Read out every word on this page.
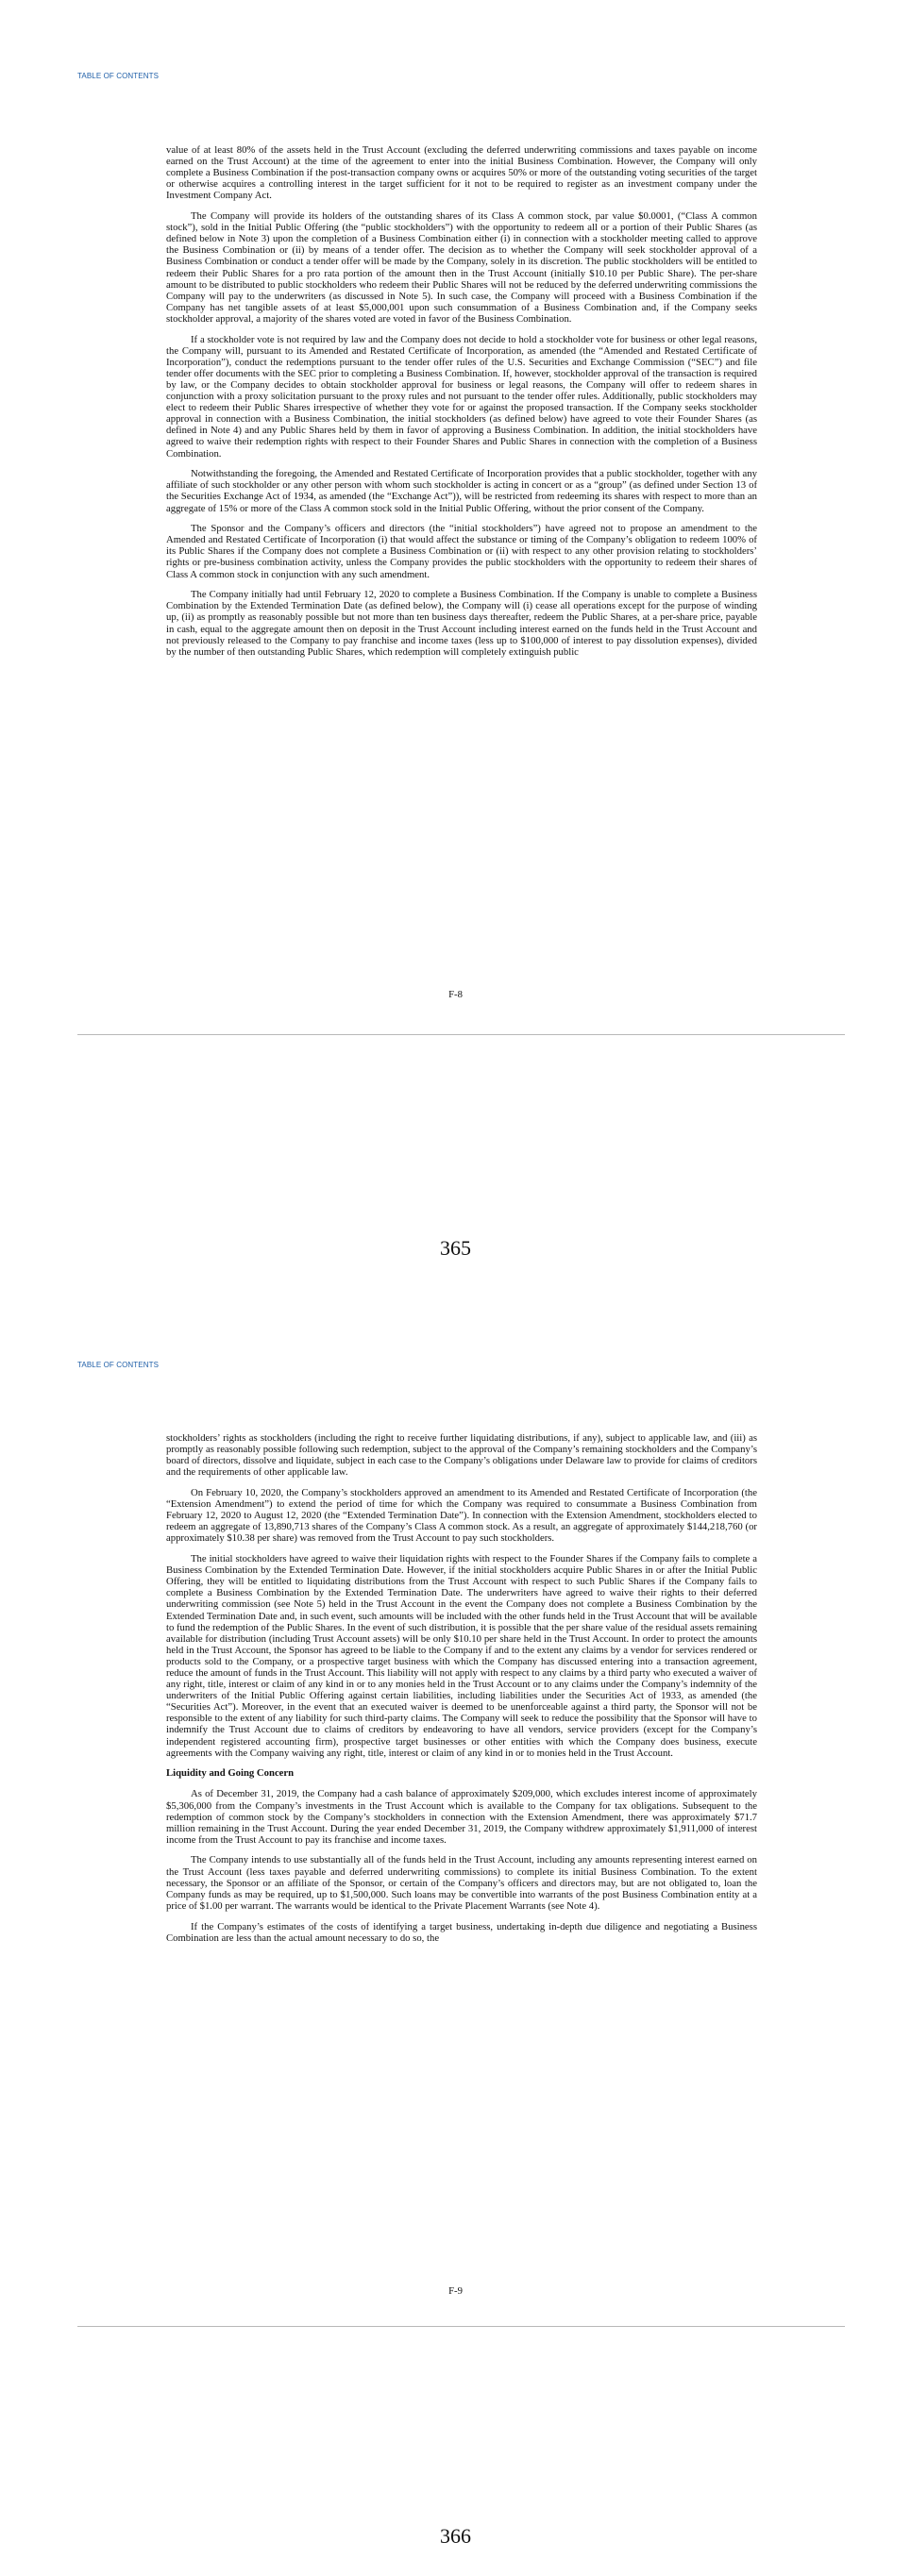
TABLE OF CONTENTS

value of at least 80% of the assets held in the Trust Account (excluding the deferred underwriting commissions and taxes payable on income earned on the Trust Account) at the time of the agreement to enter into the initial Business Combination. However, the Company will only complete a Business Combination if the post-transaction company owns or acquires 50% or more of the outstanding voting securities of the target or otherwise acquires a controlling interest in the target sufficient for it not to be required to register as an investment company under the Investment Company Act.

The Company will provide its holders of the outstanding shares of its Class A common stock, par value $0.0001, (“Class A common stock”), sold in the Initial Public Offering (the “public stockholders”) with the opportunity to redeem all or a portion of their Public Shares (as defined below in Note 3) upon the completion of a Business Combination either (i) in connection with a stockholder meeting called to approve the Business Combination or (ii) by means of a tender offer. The decision as to whether the Company will seek stockholder approval of a Business Combination or conduct a tender offer will be made by the Company, solely in its discretion. The public stockholders will be entitled to redeem their Public Shares for a pro rata portion of the amount then in the Trust Account (initially $10.10 per Public Share). The per-share amount to be distributed to public stockholders who redeem their Public Shares will not be reduced by the deferred underwriting commissions the Company will pay to the underwriters (as discussed in Note 5). In such case, the Company will proceed with a Business Combination if the Company has net tangible assets of at least $5,000,001 upon such consummation of a Business Combination and, if the Company seeks stockholder approval, a majority of the shares voted are voted in favor of the Business Combination.

If a stockholder vote is not required by law and the Company does not decide to hold a stockholder vote for business or other legal reasons, the Company will, pursuant to its Amended and Restated Certificate of Incorporation, as amended (the “Amended and Restated Certificate of Incorporation”), conduct the redemptions pursuant to the tender offer rules of the U.S. Securities and Exchange Commission (“SEC”) and file tender offer documents with the SEC prior to completing a Business Combination. If, however, stockholder approval of the transaction is required by law, or the Company decides to obtain stockholder approval for business or legal reasons, the Company will offer to redeem shares in conjunction with a proxy solicitation pursuant to the proxy rules and not pursuant to the tender offer rules. Additionally, public stockholders may elect to redeem their Public Shares irrespective of whether they vote for or against the proposed transaction. If the Company seeks stockholder approval in connection with a Business Combination, the initial stockholders (as defined below) have agreed to vote their Founder Shares (as defined in Note 4) and any Public Shares held by them in favor of approving a Business Combination. In addition, the initial stockholders have agreed to waive their redemption rights with respect to their Founder Shares and Public Shares in connection with the completion of a Business Combination.

Notwithstanding the foregoing, the Amended and Restated Certificate of Incorporation provides that a public stockholder, together with any affiliate of such stockholder or any other person with whom such stockholder is acting in concert or as a “group” (as defined under Section 13 of the Securities Exchange Act of 1934, as amended (the “Exchange Act”)), will be restricted from redeeming its shares with respect to more than an aggregate of 15% or more of the Class A common stock sold in the Initial Public Offering, without the prior consent of the Company.

The Sponsor and the Company’s officers and directors (the “initial stockholders”) have agreed not to propose an amendment to the Amended and Restated Certificate of Incorporation (i) that would affect the substance or timing of the Company’s obligation to redeem 100% of its Public Shares if the Company does not complete a Business Combination or (ii) with respect to any other provision relating to stockholders’ rights or pre-business combination activity, unless the Company provides the public stockholders with the opportunity to redeem their shares of Class A common stock in conjunction with any such amendment.

The Company initially had until February 12, 2020 to complete a Business Combination. If the Company is unable to complete a Business Combination by the Extended Termination Date (as defined below), the Company will (i) cease all operations except for the purpose of winding up, (ii) as promptly as reasonably possible but not more than ten business days thereafter, redeem the Public Shares, at a per-share price, payable in cash, equal to the aggregate amount then on deposit in the Trust Account including interest earned on the funds held in the Trust Account and not previously released to the Company to pay franchise and income taxes (less up to $100,000 of interest to pay dissolution expenses), divided by the number of then outstanding Public Shares, which redemption will completely extinguish public

F-8
365
TABLE OF CONTENTS

stockholders’ rights as stockholders (including the right to receive further liquidating distributions, if any), subject to applicable law, and (iii) as promptly as reasonably possible following such redemption, subject to the approval of the Company’s remaining stockholders and the Company’s board of directors, dissolve and liquidate, subject in each case to the Company’s obligations under Delaware law to provide for claims of creditors and the requirements of other applicable law.

On February 10, 2020, the Company’s stockholders approved an amendment to its Amended and Restated Certificate of Incorporation (the “Extension Amendment”) to extend the period of time for which the Company was required to consummate a Business Combination from February 12, 2020 to August 12, 2020 (the “Extended Termination Date”). In connection with the Extension Amendment, stockholders elected to redeem an aggregate of 13,890,713 shares of the Company’s Class A common stock. As a result, an aggregate of approximately $144,218,760 (or approximately $10.38 per share) was removed from the Trust Account to pay such stockholders.

The initial stockholders have agreed to waive their liquidation rights with respect to the Founder Shares if the Company fails to complete a Business Combination by the Extended Termination Date. However, if the initial stockholders acquire Public Shares in or after the Initial Public Offering, they will be entitled to liquidating distributions from the Trust Account with respect to such Public Shares if the Company fails to complete a Business Combination by the Extended Termination Date. The underwriters have agreed to waive their rights to their deferred underwriting commission (see Note 5) held in the Trust Account in the event the Company does not complete a Business Combination by the Extended Termination Date and, in such event, such amounts will be included with the other funds held in the Trust Account that will be available to fund the redemption of the Public Shares. In the event of such distribution, it is possible that the per share value of the residual assets remaining available for distribution (including Trust Account assets) will be only $10.10 per share held in the Trust Account. In order to protect the amounts held in the Trust Account, the Sponsor has agreed to be liable to the Company if and to the extent any claims by a vendor for services rendered or products sold to the Company, or a prospective target business with which the Company has discussed entering into a transaction agreement, reduce the amount of funds in the Trust Account. This liability will not apply with respect to any claims by a third party who executed a waiver of any right, title, interest or claim of any kind in or to any monies held in the Trust Account or to any claims under the Company’s indemnity of the underwriters of the Initial Public Offering against certain liabilities, including liabilities under the Securities Act of 1933, as amended (the “Securities Act”). Moreover, in the event that an executed waiver is deemed to be unenforceable against a third party, the Sponsor will not be responsible to the extent of any liability for such third-party claims. The Company will seek to reduce the possibility that the Sponsor will have to indemnify the Trust Account due to claims of creditors by endeavoring to have all vendors, service providers (except for the Company’s independent registered accounting firm), prospective target businesses or other entities with which the Company does business, execute agreements with the Company waiving any right, title, interest or claim of any kind in or to monies held in the Trust Account.

Liquidity and Going Concern

As of December 31, 2019, the Company had a cash balance of approximately $209,000, which excludes interest income of approximately $5,306,000 from the Company’s investments in the Trust Account which is available to the Company for tax obligations. Subsequent to the redemption of common stock by the Company’s stockholders in connection with the Extension Amendment, there was approximately $71.7 million remaining in the Trust Account. During the year ended December 31, 2019, the Company withdrew approximately $1,911,000 of interest income from the Trust Account to pay its franchise and income taxes.

The Company intends to use substantially all of the funds held in the Trust Account, including any amounts representing interest earned on the Trust Account (less taxes payable and deferred underwriting commissions) to complete its initial Business Combination. To the extent necessary, the Sponsor or an affiliate of the Sponsor, or certain of the Company’s officers and directors may, but are not obligated to, loan the Company funds as may be required, up to $1,500,000. Such loans may be convertible into warrants of the post Business Combination entity at a price of $1.00 per warrant. The warrants would be identical to the Private Placement Warrants (see Note 4).

If the Company’s estimates of the costs of identifying a target business, undertaking in-depth due diligence and negotiating a Business Combination are less than the actual amount necessary to do so, the

F-9
366
